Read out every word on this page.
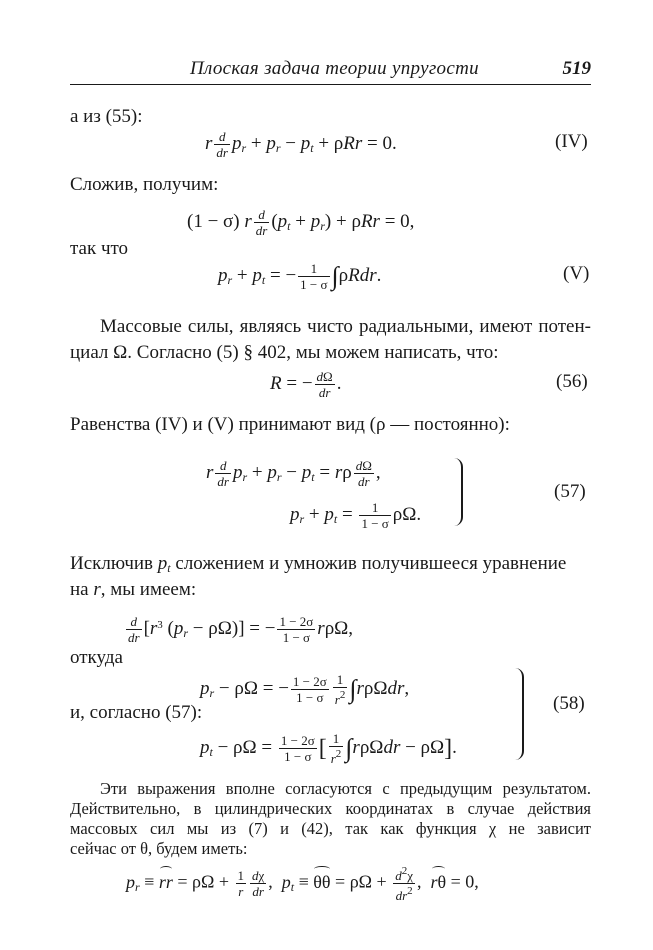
Плоская задача теории упругости	519
а из (55):
r $\frac{d}{dr} p_r + p_r - p_t + \rho Rr = 0$.	(IV)
Сложив, получим:
(1 − σ) r $\frac{d}{dr} (p_t + p_r) + \rho Rr = 0$,
так что
$p_r + p_t$ = − $\frac{1}{1 - \sigma} \int\rho Rdr$.	(V)
Массовые силы, являясь чисто радиальными, имеют потен-
циал Ω. Согласно (5) § 402, мы можем написать, что:
R = − $\frac{d\Omega}{dr}$ .	(56)
Равенства (IV) и (V) принимают вид (ρ — постоянно):
r $\frac{d}{dr} p_r + p_r - p_t = r\rho \frac{d\Omega}{dr}$ ,
$p_r + p_t = \frac{1}{1 - \sigma} \rho\Omega$.
(57)
Исключив $p_t$ сложением и умножив получившееся уравнение
на r, мы имеем:
$\frac{d}{dr} [r^3$ $(p_r - \rho\Omega)$] = − $\frac{1 - 2\sigma}{1 - \sigma} r\rho\Omega$,
откуда
$p_r - \rho\Omega$ = − $\frac{1 - 2\sigma}{1 - \sigma} \frac{1}{r^2} \int r\rho\Omega dr$,
и, согласно (57):
$p_t - \rho\Omega = \frac{1 - 2\sigma}{1 - \sigma}$ [ $\frac{1}{r^2} \int r\rho\Omega dr - \rho\Omega$].
(58)
Эти выражения вполне согласуются с предыдущим результатом.
Действительно, в цилиндрических координатах в случае действия
массовых сил мы из (7) и (42), так как функция χ не зависит
сейчас от θ, будем иметь:
$p_r$ ≡ rr = $\rho\Omega + \frac{1}{r} \frac{d\chi}{dr}$ ,  $p_t \equiv \theta\theta = \rho\Omega + \frac{d^2\chi}{dr^2}$ ,  rθ = 0,
